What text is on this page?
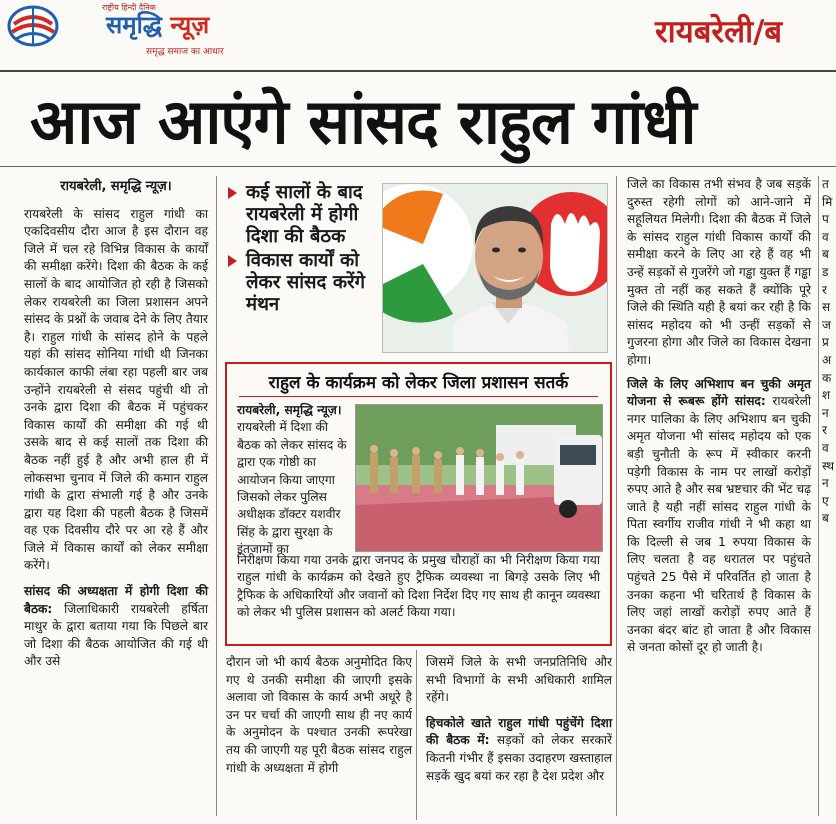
राष्ट्रीय हिन्दी दैनिक
समृद्धि न्यूज़
समृद्ध समाज का आधार
रायबरेली/ब
आज आएंगे सांसद राहुल गांधी
रायबरेली, समृद्धि न्यूज़।

रायबरेली के सांसद राहुल गांधी का एकदिवसीय दौरा आज है इस दौरान वह जिले में चल रहे विभिन्न विकास के कार्यों की समीक्षा करेंगे। दिशा की बैठक के कई सालों के बाद आयोजित हो रही है जिसको लेकर रायबरेली का जिला प्रशासन अपने सांसद के प्रश्नों के जवाब देने के लिए तैयार है। राहुल गांधी के सांसद होने के पहले यहां की सांसद सोनिया गांधी थी जिनका कार्यकाल काफी लंबा रहा पहली बार जब उन्होंने रायबरेली से संसद पहुंची थी तो उनके द्वारा दिशा की बैठक में पहुंचकर विकास कार्यों की समीक्षा की गई थी उसके बाद से कई सालों तक दिशा की बैठक नहीं हुई है और अभी हाल ही में लोकसभा चुनाव में जिले की कमान राहुल गांधी के द्वारा संभाली गई है और उनके द्वारा यह दिशा की पहली बैठक है जिसमें वह एक दिवसीय दौरे पर आ रहे हैं और जिले में विकास कार्यों को लेकर समीक्षा करेंगे।

सांसद की अध्यक्षता में होगी दिशा की बैठक: जिलाधिकारी रायबरेली हर्षिता माथुर के द्वारा बताया गया कि पिछले बार जो दिशा की बैठक आयोजित की गई थी और उसे

कई सालों के बाद रायबरेली में होगी दिशा की बैठक
विकास कार्यों को लेकर सांसद करेंगे मंथन
राहुल के कार्यक्रम को लेकर जिला प्रशासन सतर्क
रायबरेली, समृद्धि न्यूज़। रायबरेली में दिशा की बैठक को लेकर सांसद के द्वारा एक गोष्ठी का आयोजन किया जाएगा जिसको लेकर पुलिस अधीक्षक डॉक्टर यशवीर सिंह के द्वारा सुरक्षा के इंतजामों का
निरीक्षण किया गया उनके द्वारा जनपद के प्रमुख चौराहों का भी निरीक्षण किया गया राहुल गांधी के कार्यक्रम को देखते हुए ट्रैफिक व्यवस्था ना बिगड़े उसके लिए भी ट्रैफिक के अधिकारियों और जवानों को दिशा निर्देश दिए गए साथ ही कानून व्यवस्था को लेकर भी पुलिस प्रशासन को अलर्ट किया गया।

दौरान जो भी कार्य बैठक अनुमोदित किए गए थे उनकी समीक्षा की जाएगी इसके अलावा जो विकास के कार्य अभी अधूरे है उन पर चर्चा की जाएगी साथ ही नए कार्य के अनुमोदन के पश्चात उनकी रूपरेखा तय की जाएगी यह पूरी बैठक सांसद राहुल गांधी के अध्यक्षता में होगी

जिसमें जिले के सभी जनप्रतिनिधि और सभी विभागों के सभी अधिकारी शामिल रहेंगे।

हिचकोले खाते राहुल गांधी पहुंचेंगे दिशा की बैठक में: सड़कों को लेकर सरकारें कितनी गंभीर हैं इसका उदाहरण खस्ताहाल सड़कें खुद बयां कर रहा है देश प्रदेश और

जिले का विकास तभी संभव है जब सड़कें दुरुस्त रहेगी लोगों को आने-जाने में सहूलियत मिलेगी। दिशा की बैठक में जिले के सांसद राहुल गांधी विकास कार्यों की समीक्षा करने के लिए आ रहे हैं वह भी उन्हें सड़कों से गुजरेंगे जो गड्ढा युक्त हैं गड्ढा मुक्त तो नहीं कह सकते हैं क्योंकि पूरे जिले की स्थिति यही है बयां कर रही है कि सांसद महोदय को भी उन्हीं सड़कों से गुजरना होगा और जिले का विकास देखना होगा।

जिले के लिए अभिशाप बन चुकी अमृत योजना से रूबरू होंगे सांसद: रायबरेली नगर पालिका के लिए अभिशाप बन चुकी अमृत योजना भी सांसद महोदय को एक बड़ी चुनौती के रूप में स्वीकार करनी पड़ेगी विकास के नाम पर लाखों करोड़ों रुपए आते है और सब भ्रष्टचार की भेंट चढ़ जाते है यही नहीं सांसद राहुल गांधी के पिता स्वर्गीय राजीव गांधी ने भी कहा था कि दिल्ली से जब 1 रुपया विकास के लिए चलता है वह धरातल पर पहुंचते पहुंचते 25 पैसे में परिवर्तित हो जाता है उनका कहना भी चरितार्थ है विकास के लिए जहां लाखों करोड़ों रुपए आते हैं उनका बंदर बांट हो जाता है और विकास से जनता कोसों दूर हो जाती है।

त मि प व ब ड र स ज प्र अ क श न र व स्थ न ए ब
